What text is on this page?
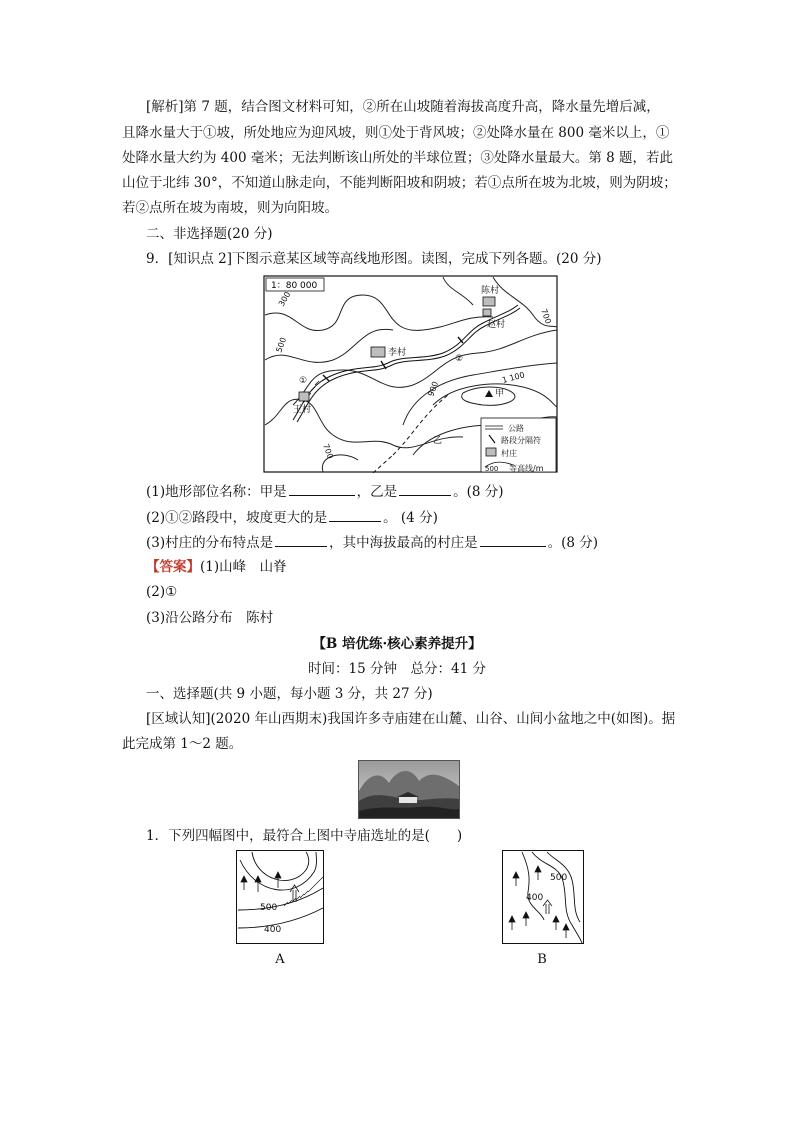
[解析]第 7 题，结合图文材料可知，②所在山坡随着海拔高度升高，降水量先增后减，
且降水量大于①坡，所处地应为迎风坡，则①处于背风坡；②处降水量在 800 毫米以上，①
处降水量大约为 400 毫米；无法判断该山所处的半球位置；③处降水量最大。第 8 题，若此
山位于北纬 30°，不知道山脉走向，不能判断阳坡和阴坡；若①点所在坡为北坡，则为阴坡；
若②点所在坡为南坡，则为向阳坡。
二、非选择题(20 分)
9．[知识点 2]下图示意某区域等高线地形图。读图，完成下列各题。(20 分)
1：80 000	陈村
赵村
李村
王村
甲
乙
①
②
300
500
700
900
1 100
700
公路
路段分隔符
村庄
500 等高线/m
(1)地形部位名称：甲是	，乙是	。(8 分)
(2)①②路段中，坡度更大的是	。 (4 分)
(3)村庄的分布特点是	，其中海拔最高的村庄是	。(8 分)
【答案】(1)山峰　山脊
(2)①
(3)沿公路分布　陈村
【B 培优练·核心素养提升】
时间：15 分钟　总分：41 分
一、选择题(共 9 小题，每小题 3 分，共 27 分)
[区域认知](2020 年山西期末)我国许多寺庙建在山麓、山谷、山间小盆地之中(如图)。据
此完成第 1～2 题。
1．下列四幅图中，最符合上图中寺庙选址的是(　　)
500
400
A
500
400
B
